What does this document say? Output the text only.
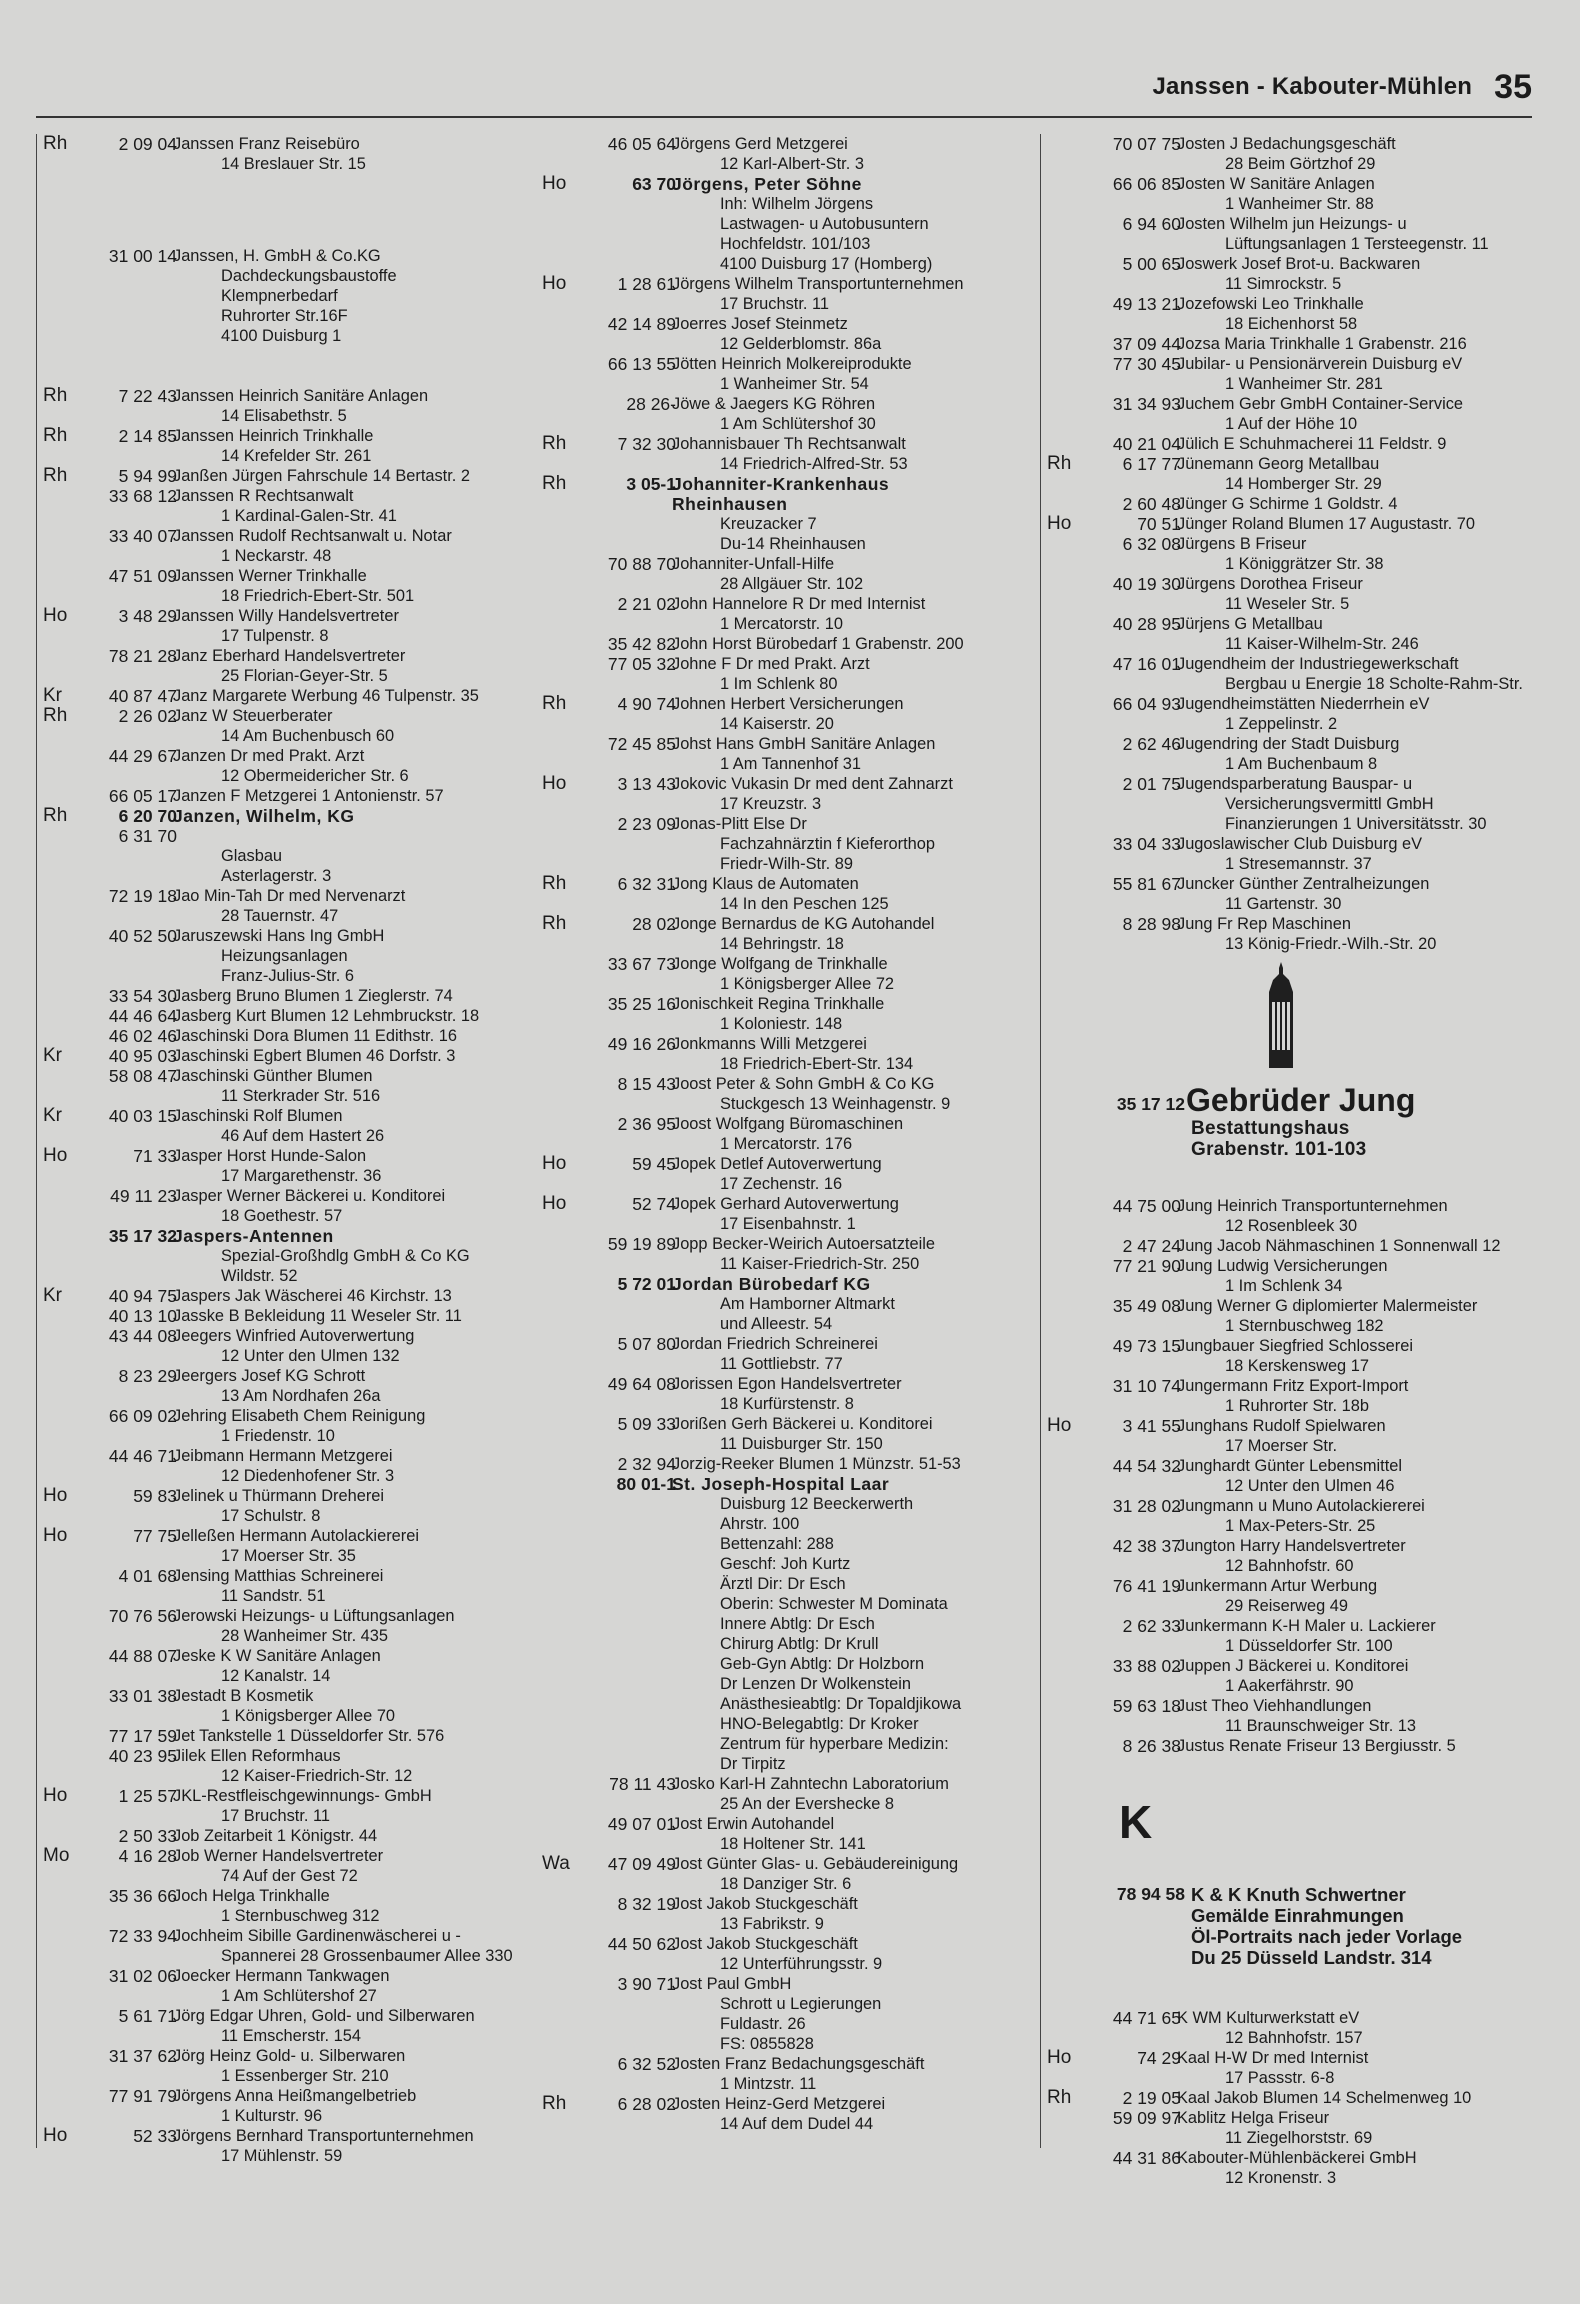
Janssen - Kabouter-Mühlen 35
Rh	2 09 04
Janssen Franz Reisebüro
14 Breslauer Str. 15
31 00 14
Janssen, H. GmbH & Co.KG
Dachdeckungsbaustoffe
Klempnerbedarf
Ruhrorter Str.16F
4100 Duisburg 1
Rh	7 22 43
Janssen Heinrich Sanitäre Anlagen
14 Elisabethstr. 5
Rh	2 14 85
Janssen Heinrich Trinkhalle
14 Krefelder Str. 261
Rh	5 94 99
Janßen Jürgen Fahrschule 14 Bertastr. 2
33 68 12
Janssen R Rechtsanwalt
1 Kardinal-Galen-Str. 41
33 40 07
Janssen Rudolf Rechtsanwalt u. Notar
1 Neckarstr. 48
47 51 09
Janssen Werner Trinkhalle
18 Friedrich-Ebert-Str. 501
Ho	3 48 29
Janssen Willy Handelsvertreter
17 Tulpenstr. 8
78 21 28
Janz Eberhard Handelsvertreter
25 Florian-Geyer-Str. 5
Kr	40 87 47
Janz Margarete Werbung 46 Tulpenstr. 35
Rh	2 26 02
Janz W Steuerberater
14 Am Buchenbusch 60
44 29 67
Janzen Dr med Prakt. Arzt
12 Obermeidericher Str. 6
66 05 17
Janzen F Metzgerei 1 Antonienstr. 57
Rh	6 20 70
Janzen, Wilhelm, KG
6 31 70
Glasbau
Asterlagerstr. 3
72 19 18
Jao Min-Tah Dr med Nervenarzt
28 Tauernstr. 47
40 52 50
Jaruszewski Hans Ing GmbH
Heizungsanlagen
Franz-Julius-Str. 6
33 54 30
Jasberg Bruno Blumen 1 Zieglerstr. 74
44 46 64
Jasberg Kurt Blumen 12 Lehmbruckstr. 18
46 02 46
Jaschinski Dora Blumen 11 Edithstr. 16
Kr	40 95 03
Jaschinski Egbert Blumen 46 Dorfstr. 3
58 08 47
Jaschinski Günther Blumen
11 Sterkrader Str. 516
Kr	40 03 15
Jaschinski Rolf Blumen
46 Auf dem Hastert 26
Ho	71 33
Jasper Horst Hunde-Salon
17 Margarethenstr. 36
49 11 23
Jasper Werner Bäckerei u. Konditorei
18 Goethestr. 57
35 17 32
Jaspers-Antennen
Spezial-Großhdlg GmbH & Co KG
Wildstr. 52
Kr	40 94 75
Jaspers Jak Wäscherei 46 Kirchstr. 13
40 13 10
Jasske B Bekleidung 11 Weseler Str. 11
43 44 08
Jeegers Winfried Autoverwertung
12 Unter den Ulmen 132
8 23 29
Jeergers Josef KG Schrott
13 Am Nordhafen 26a
66 09 02
Jehring Elisabeth Chem Reinigung
1 Friedenstr. 10
44 46 71
Jeibmann Hermann Metzgerei
12 Diedenhofener Str. 3
Ho	59 83
Jelinek u Thürmann Dreherei
17 Schulstr. 8
Ho	77 75
Jelleßen Hermann Autolackiererei
17 Moerser Str. 35
4 01 68
Jensing Matthias Schreinerei
11 Sandstr. 51
70 76 56
Jerowski Heizungs- u Lüftungsanlagen
28 Wanheimer Str. 435
44 88 07
Jeske K W Sanitäre Anlagen
12 Kanalstr. 14
33 01 38
Jestadt B Kosmetik
1 Königsberger Allee 70
77 17 59
Jet Tankstelle 1 Düsseldorfer Str. 576
40 23 95
Jilek Ellen Reformhaus
12 Kaiser-Friedrich-Str. 12
Ho	1 25 57
JKL-Restfleischgewinnungs- GmbH
17 Bruchstr. 11
2 50 33
Job Zeitarbeit 1 Königstr. 44
Mo	4 16 28
Job Werner Handelsvertreter
74 Auf der Gest 72
35 36 66
Joch Helga Trinkhalle
1 Sternbuschweg 312
72 33 94
Jochheim Sibille Gardinenwäscherei u -
Spannerei 28 Grossenbaumer Allee 330
31 02 06
Joecker Hermann Tankwagen
1 Am Schlütershof 27
5 61 71
Jörg Edgar Uhren, Gold- und Silberwaren
11 Emscherstr. 154
31 37 62
Jörg Heinz Gold- u. Silberwaren
1 Essenberger Str. 210
77 91 79
Jörgens Anna Heißmangelbetrieb
1 Kulturstr. 96
Ho	52 33
Jörgens Bernhard Transportunternehmen
17 Mühlenstr. 59
46 05 64
Jörgens Gerd Metzgerei
12 Karl-Albert-Str. 3
Ho	63 70
Jörgens, Peter Söhne
Inh: Wilhelm Jörgens
Lastwagen- u Autobusuntern
Hochfeldstr. 101/103
4100 Duisburg 17 (Homberg)
Ho	1 28 61
Jörgens Wilhelm Transportunternehmen
17 Bruchstr. 11
42 14 89
Joerres Josef Steinmetz
12 Gelderblomstr. 86a
66 13 55
Jötten Heinrich Molkereiprodukte
1 Wanheimer Str. 54
28 26-
Jöwe & Jaegers KG Röhren
1 Am Schlütershof 30
Rh	7 32 30
Johannisbauer Th Rechtsanwalt
14 Friedrich-Alfred-Str. 53
Rh	3 05-1
Johanniter-Krankenhaus
Rheinhausen
Kreuzacker 7
Du-14 Rheinhausen
70 88 70
Johanniter-Unfall-Hilfe
28 Allgäuer Str. 102
2 21 02
John Hannelore R Dr med Internist
1 Mercatorstr. 10
35 42 82
John Horst Bürobedarf 1 Grabenstr. 200
77 05 32
Johne F Dr med Prakt. Arzt
1 Im Schlenk 80
Rh	4 90 74
Johnen Herbert Versicherungen
14 Kaiserstr. 20
72 45 85
Johst Hans GmbH Sanitäre Anlagen
1 Am Tannenhof 31
Ho	3 13 43
Jokovic Vukasin Dr med dent Zahnarzt
17 Kreuzstr. 3
2 23 09
Jonas-Plitt Else Dr
Fachzahnärztin f Kieferorthop
Friedr-Wilh-Str. 89
Rh	6 32 31
Jong Klaus de Automaten
14 In den Peschen 125
Rh	28 02
Jonge Bernardus de KG Autohandel
14 Behringstr. 18
33 67 73
Jonge Wolfgang de Trinkhalle
1 Königsberger Allee 72
35 25 16
Jonischkeit Regina Trinkhalle
1 Koloniestr. 148
49 16 26
Jonkmanns Willi Metzgerei
18 Friedrich-Ebert-Str. 134
8 15 43
Joost Peter & Sohn GmbH & Co KG
Stuckgesch 13 Weinhagenstr. 9
2 36 95
Joost Wolfgang Büromaschinen
1 Mercatorstr. 176
Ho	59 45
Jopek Detlef Autoverwertung
17 Zechenstr. 16
Ho	52 74
Jopek Gerhard Autoverwertung
17 Eisenbahnstr. 1
59 19 89
Jopp Becker-Weirich Autoersatzteile
11 Kaiser-Friedrich-Str. 250
5 72 01
Jordan Bürobedarf KG
Am Hamborner Altmarkt
und Alleestr. 54
5 07 80
Jordan Friedrich Schreinerei
11 Gottliebstr. 77
49 64 08
Jorissen Egon Handelsvertreter
18 Kurfürstenstr. 8
5 09 33
Jorißen Gerh Bäckerei u. Konditorei
11 Duisburger Str. 150
2 32 94
Jorzig-Reeker Blumen 1 Münzstr. 51-53
80 01-1
St. Joseph-Hospital Laar
Duisburg 12 Beeckerwerth
Ahrstr. 100
Bettenzahl: 288
Geschf: Joh Kurtz
Ärztl Dir: Dr Esch
Oberin: Schwester M Dominata
Innere Abtlg: Dr Esch
Chirurg Abtlg: Dr Krull
Geb-Gyn Abtlg: Dr Holzborn
Dr Lenzen Dr Wolkenstein
Anästhesieabtlg: Dr Topaldjikowa
HNO-Belegabtlg: Dr Kroker
Zentrum für hyperbare Medizin:
Dr Tirpitz
78 11 43
Josko Karl-H Zahntechn Laboratorium
25 An der Evershecke 8
49 07 01
Jost Erwin Autohandel
18 Holtener Str. 141
Wa	47 09 49
Jost Günter Glas- u. Gebäudereinigung
18 Danziger Str. 6
8 32 19
Jost Jakob Stuckgeschäft
13 Fabrikstr. 9
44 50 62
Jost Jakob Stuckgeschäft
12 Unterführungsstr. 9
3 90 71
Jost Paul GmbH
Schrott u Legierungen
Fuldastr. 26
FS: 0855828
6 32 52
Josten Franz Bedachungsgeschäft
1 Mintzstr. 11
Rh	6 28 02
Josten Heinz-Gerd Metzgerei
14 Auf dem Dudel 44
70 07 75
Josten J Bedachungsgeschäft
28 Beim Görtzhof 29
66 06 85
Josten W Sanitäre Anlagen
1 Wanheimer Str. 88
6 94 60
Josten Wilhelm jun Heizungs- u
Lüftungsanlagen 1 Tersteegenstr. 11
5 00 65
Joswerk Josef Brot-u. Backwaren
11 Simrockstr. 5
49 13 21
Jozefowski Leo Trinkhalle
18 Eichenhorst 58
37 09 44
Jozsa Maria Trinkhalle 1 Grabenstr. 216
77 30 45
Jubilar- u Pensionärverein Duisburg eV
1 Wanheimer Str. 281
31 34 93
Juchem Gebr GmbH Container-Service
1 Auf der Höhe 10
40 21 04
Jülich E Schuhmacherei 11 Feldstr. 9
Rh	6 17 77
Jünemann Georg Metallbau
14 Homberger Str. 29
2 60 48
Jünger G Schirme 1 Goldstr. 4
Ho	70 51
Jünger Roland Blumen 17 Augustastr. 70
6 32 08
Jürgens B Friseur
1 Königgrätzer Str. 38
40 19 30
Jürgens Dorothea Friseur
11 Weseler Str. 5
40 28 95
Jürjens G Metallbau
11 Kaiser-Wilhelm-Str. 246
47 16 01
Jugendheim der Industriegewerkschaft
Bergbau u Energie 18 Scholte-Rahm-Str.
66 04 93
Jugendheimstätten Niederrhein eV
1 Zeppelinstr. 2
2 62 46
Jugendring der Stadt Duisburg
1 Am Buchenbaum 8
2 01 75
Jugendsparberatung Bauspar- u
Versicherungsvermittl GmbH
Finanzierungen 1 Universitätsstr. 30
33 04 33
Jugoslawischer Club Duisburg eV
1 Stresemannstr. 37
55 81 67
Juncker Günther Zentralheizungen
11 Gartenstr. 30
8 28 98
Jung Fr Rep Maschinen
13 König-Friedr.-Wilh.-Str. 20
35 17 12 Gebrüder Jung
Bestattungshaus
Grabenstr. 101-103
44 75 00
Jung Heinrich Transportunternehmen
12 Rosenbleek 30
2 47 24
Jung Jacob Nähmaschinen 1 Sonnenwall 12
77 21 90
Jung Ludwig Versicherungen
1 Im Schlenk 34
35 49 08
Jung Werner G diplomierter Malermeister
1 Sternbuschweg 182
49 73 15
Jungbauer Siegfried Schlosserei
18 Kerskensweg 17
31 10 74
Jungermann Fritz Export-Import
1 Ruhrorter Str. 18b
Ho	3 41 55
Junghans Rudolf Spielwaren
17 Moerser Str.
44 54 32
Junghardt Günter Lebensmittel
12 Unter den Ulmen 46
31 28 02
Jungmann u Muno Autolackiererei
1 Max-Peters-Str. 25
42 38 37
Jungton Harry Handelsvertreter
12 Bahnhofstr. 60
76 41 19
Junkermann Artur Werbung
29 Reiserweg 49
2 62 33
Junkermann K-H Maler u. Lackierer
1 Düsseldorfer Str. 100
33 88 02
Juppen J Bäckerei u. Konditorei
1 Aakerfährstr. 90
59 63 18
Just Theo Viehhandlungen
11 Braunschweiger Str. 13
8 26 38
Justus Renate Friseur 13 Bergiusstr. 5
K
78 94 58 K & K Knuth Schwertner
Gemälde Einrahmungen
Öl-Portraits nach jeder Vorlage
Du 25 Düsseld Landstr. 314
44 71 65
K WM Kulturwerkstatt eV
12 Bahnhofstr. 157
Ho	74 29
Kaal H-W Dr med Internist
17 Passstr. 6-8
Rh	2 19 05
Kaal Jakob Blumen 14 Schelmenweg 10
59 09 97
Kablitz Helga Friseur
11 Ziegelhorststr. 69
44 31 86
Kabouter-Mühlenbäckerei GmbH
12 Kronenstr. 3
